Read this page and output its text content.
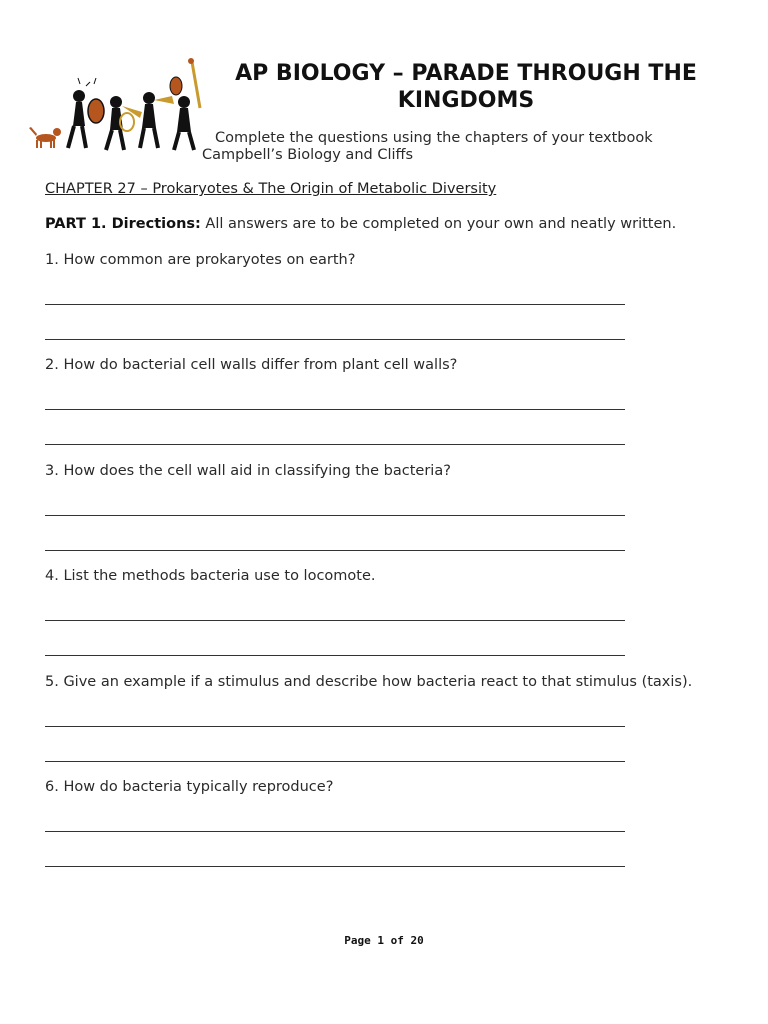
AP BIOLOGY – PARADE THROUGH THE KINGDOMS
Complete the questions using the chapters of your textbook
Campbell’s Biology and Cliffs
CHAPTER 27 – Prokaryotes & The Origin of Metabolic Diversity
PART 1. Directions: All answers are to be completed on your own and neatly written.
1. How common are prokaryotes on earth?
2. How do bacterial cell walls differ from plant cell walls?
3. How does the cell wall aid in classifying the bacteria?
4. List the methods bacteria use to locomote.
5. Give an example if a stimulus and describe how bacteria react to that stimulus (taxis).
6. How do bacteria typically reproduce?
Page 1 of 20
